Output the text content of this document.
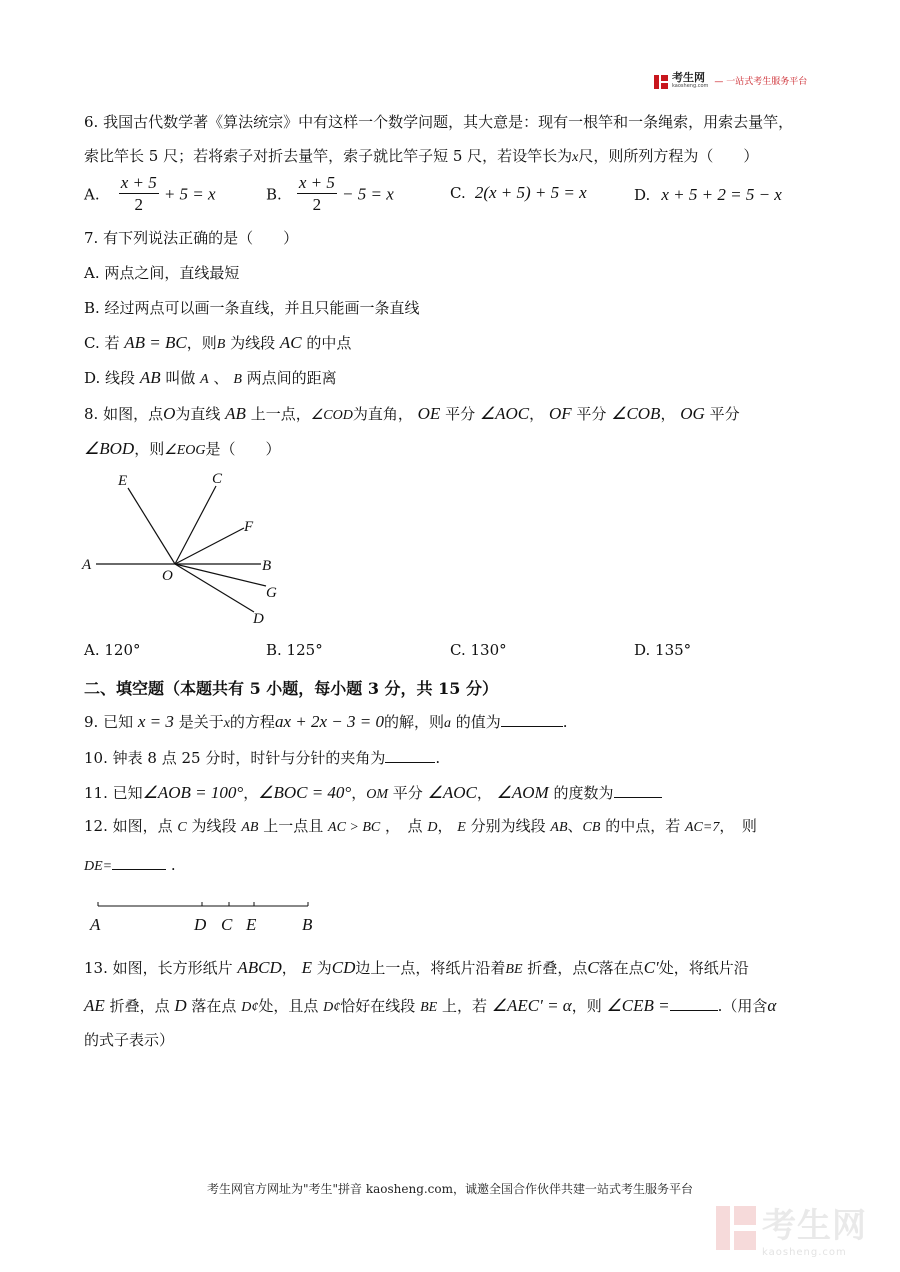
考生网
kaosheng.com — 一站式考生服务平台
6. 我国古代数学著《算法统宗》中有这样一个数学问题，其大意是：现有一根竿和一条绳索，用索去量竿，
索比竿长 5 尺；若将索子对折去量竿，索子就比竿子短 5 尺，若设竿长为x尺，则所列方程为（　　）
A. $\frac{x + 5}{2} + 5 = x$	B. $\frac{x + 5}{2} - 5 = x$	C. 2(x + 5) + 5 = x	D. x + 5 + 2 = 5 − x
7. 有下列说法正确的是（　　）
A. 两点之间，直线最短
B. 经过两点可以画一条直线，并且只能画一条直线
C. 若 AB = BC，则B 为线段 AC 的中点
D. 线段 AB 叫做 A 、 B 两点间的距离
8. 如图，点O为直线 AB 上一点，∠COD为直角， OE 平分 ∠AOC， OF 平分 ∠COB， OG 平分
∠BOD，则∠EOG是（　　）
E	C
F
A
O
B
G
D
A. 120°	B. 125°	C. 130°	D. 135°
二、填空题（本题共有 5 小题，每小题 3 分，共 15 分）
9. 已知 x = 3 是关于x的方程ax + 2x − 3 = 0的解，则a 的值为	.
10. 钟表 8 点 25 分时，时针与分针的夹角为	.
11. 已知∠AOB = 100°，∠BOC = 40°，OM 平分 ∠AOC， ∠AOM 的度数为
12. 如图，点 C 为线段 AB 上一点且 AC > BC ，　点 D， E 分别为线段 AB、CB 的中点，若 AC=7，　则
DE=	.
A	D C E	B
13. 如图，长方形纸片 ABCD， E 为CD边上一点，将纸片沿着BE 折叠，点C落在点C′处，将纸片沿
AE 折叠，点 D 落在点 D¢处，且点 D¢恰好在线段 BE 上，若 ∠AEC′ = α，则 ∠CEB =	.（用含α
的式子表示）
考生网官方网址为"考生"拼音 kaosheng.com，诚邀全国合作伙伴共建一站式考生服务平台
考生网
kaosheng.com
